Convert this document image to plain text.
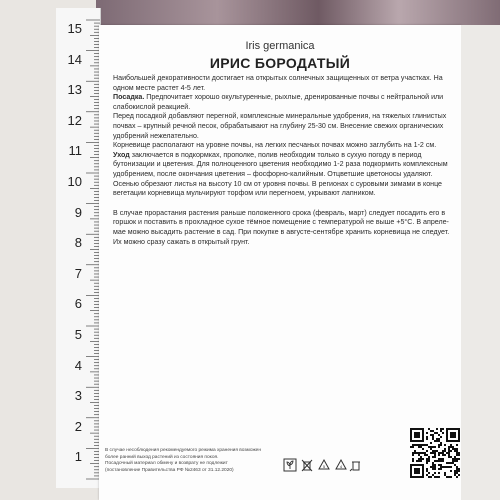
15
14
13
12
11
10
9
8
7
6
5
4
3
2
1
Iris germanica
ИРИС БОРОДАТЫЙ

Наибольшей декоративности достигает на открытых солнечных защищенных от ветра участках. На одном месте растет 4-5 лет.

Посадка. Предпочитает хорошо окультуренные, рыхлые, дренированные почвы с нейтральной или слабокислой реакцией.

Перед посадкой добавляют перегной, комплексные минеральные удобрения, на тяжелых глинистых почвах – крупный речной песок, обрабатывают на глубину 25-30 см. Внесение свежих органических удобрений нежелательно.

Корневище располагают на уровне почвы, на легких песчаных почвах можно заглубить на 1-2 см.

Уход заключается в подкормках, прополке, полив необходим только в сухую погоду в период бутонизации и цветения. Для полноценного цветения необходимо 1-2 раза подкормить комплексным удобрением, после окончания цветения – фосфорно-калийным. Отцветшие цветоносы удаляют.

Осенью обрезают листья на высоту 10 см от уровня почвы. В регионах с суровыми зимами в конце вегетации корневища мульчируют торфом или перегноем, укрывают лапником.

В случае прорастания растения раньше положенного срока (февраль, март) следует посадить его в горшок и поставить в прохладное сухое тёмное помещение с температурой не выше +5°С. В апреле-мае можно высадить растение в сад. При покупке в августе-сентябре хранить корневища не следует. Их можно сразу сажать в открытый грунт.

В случае несоблюдения рекомендуемого режима хранения возможен

более ранний выход растений из состояния покоя.

Посадочный материал обмену и возврату не подлежит

(постановление Правительства РФ №2463 от 31.12.2020)

5	4
